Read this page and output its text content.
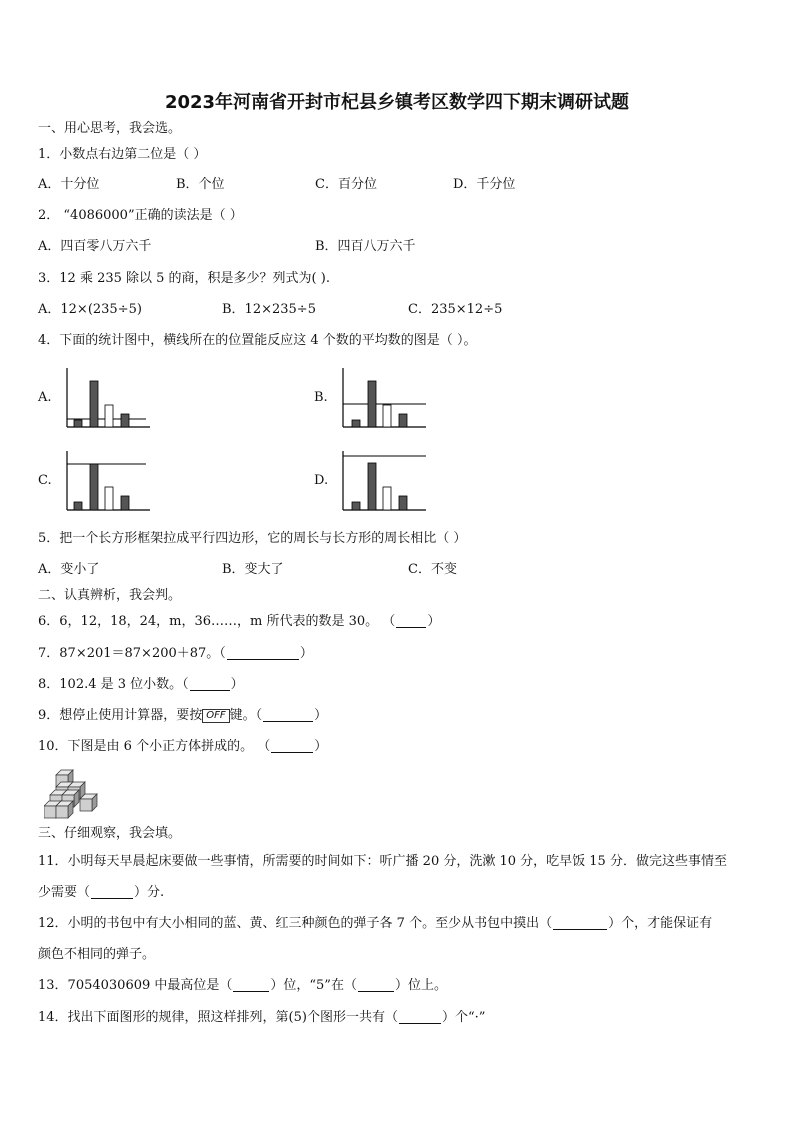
2023年河南省开封市杞县乡镇考区数学四下期末调研试题
一、用心思考，我会选。
1．小数点右边第二位是（ ）
A．十分位	B．个位	C．百分位	D．千分位
2． “4086000”正确的读法是（ ）
A．四百零八万六千	B．四百八万六千
3．12 乘 235 除以 5 的商，积是多少？列式为( ).
A．12×(235÷5)	B．12×235÷5	C．235×12÷5
4．下面的统计图中，横线所在的位置能反应这 4 个数的平均数的图是（ ）。
A.	B.
C.	D.
5．把一个长方形框架拉成平行四边形，它的周长与长方形的周长相比（ ）
A．变小了	B．变大了	C．不变
二、认真辨析，我会判。
6．6，12，18，24，m，36……，m 所代表的数是 30。 （ ）
7．87×201＝87×200＋87。（	）
8．102.4 是 3 位小数。（	）
9．想停止使用计算器，要按 OFF 键。（	）
10．下图是由 6 个小正方体拼成的。 （	）
三、仔细观察，我会填。
11．小明每天早晨起床要做一些事情，所需要的时间如下：听广播 20 分，洗漱 10 分，吃早饭 15 分．做完这些事情至
少需要（	）分.
12．小明的书包中有大小相同的蓝、黄、红三种颜色的弹子各 7 个。至少从书包中摸出（	）个，才能保证有
颜色不相同的弹子。
13．7054030609 中最高位是（	）位，“5”在（	）位上。
14．找出下面图形的规律，照这样排列，第(5)个图形一共有（	）个“·”
